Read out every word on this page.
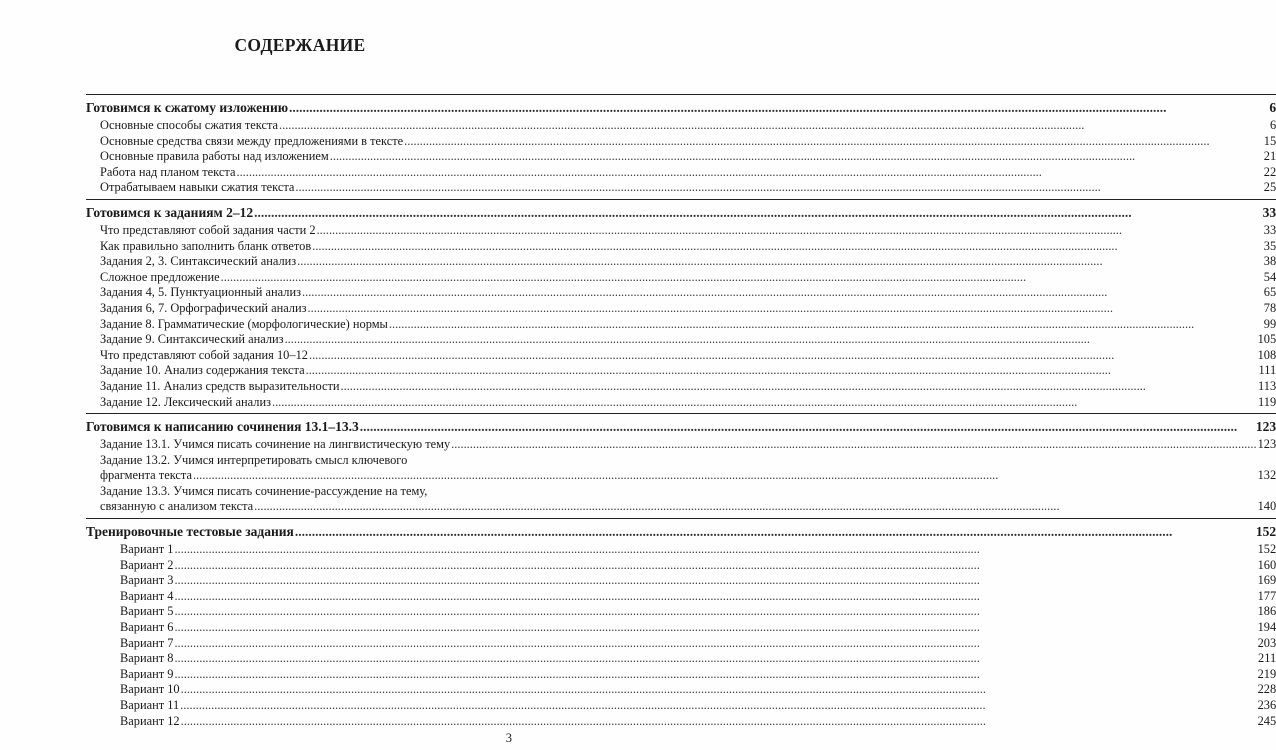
СОДЕРЖАНИЕ
Готовимся к сжатому изложению .....	6

Основные способы сжатия текста .....	6
Основные средства связи между предложениями в тексте .....	15
Основные правила работы над изложением .....	21
Работа над планом текста .....	22
Отрабатываем навыки сжатия текста .....	25

Готовимся к заданиям 2–12 .....	33

Что представляют собой задания части 2 .....	33
Как правильно заполнить бланк ответов .....	35
Задания 2, 3. Синтаксический анализ .....	38
Сложное предложение .....	54
Задания 4, 5. Пунктуационный анализ .....	65
Задания 6, 7. Орфографический анализ .....	78
Задание 8. Грамматические (морфологические) нормы .....	99
Задание 9. Синтаксический анализ .....	105
Что представляют собой задания 10–12 .....	108
Задание 10. Анализ содержания текста .....	111
Задание 11. Анализ средств выразительности .....	113
Задание 12. Лексический анализ .....	119

Готовимся к написанию сочинения 13.1–13.3 .....	123

Задание 13.1. Учимся писать сочинение на лингвистическую тему .....	123
Задание 13.2. Учимся интерпретировать смысл ключевого
фрагмента текста .....	132
Задание 13.3. Учимся писать сочинение-рассуждение на тему,
связанную с анализом текста .....	140

Тренировочные тестовые задания .....	152

Вариант 1 .....	152
Вариант 2 .....	160
Вариант 3 .....	169
Вариант 4 .....	177
Вариант 5 .....	186
Вариант 6 .....	194
Вариант 7 .....	203
Вариант 8 .....	211
Вариант 9 .....	219
Вариант 10 .....	228
Вариант 11 .....	236
Вариант 12 .....	245
3
